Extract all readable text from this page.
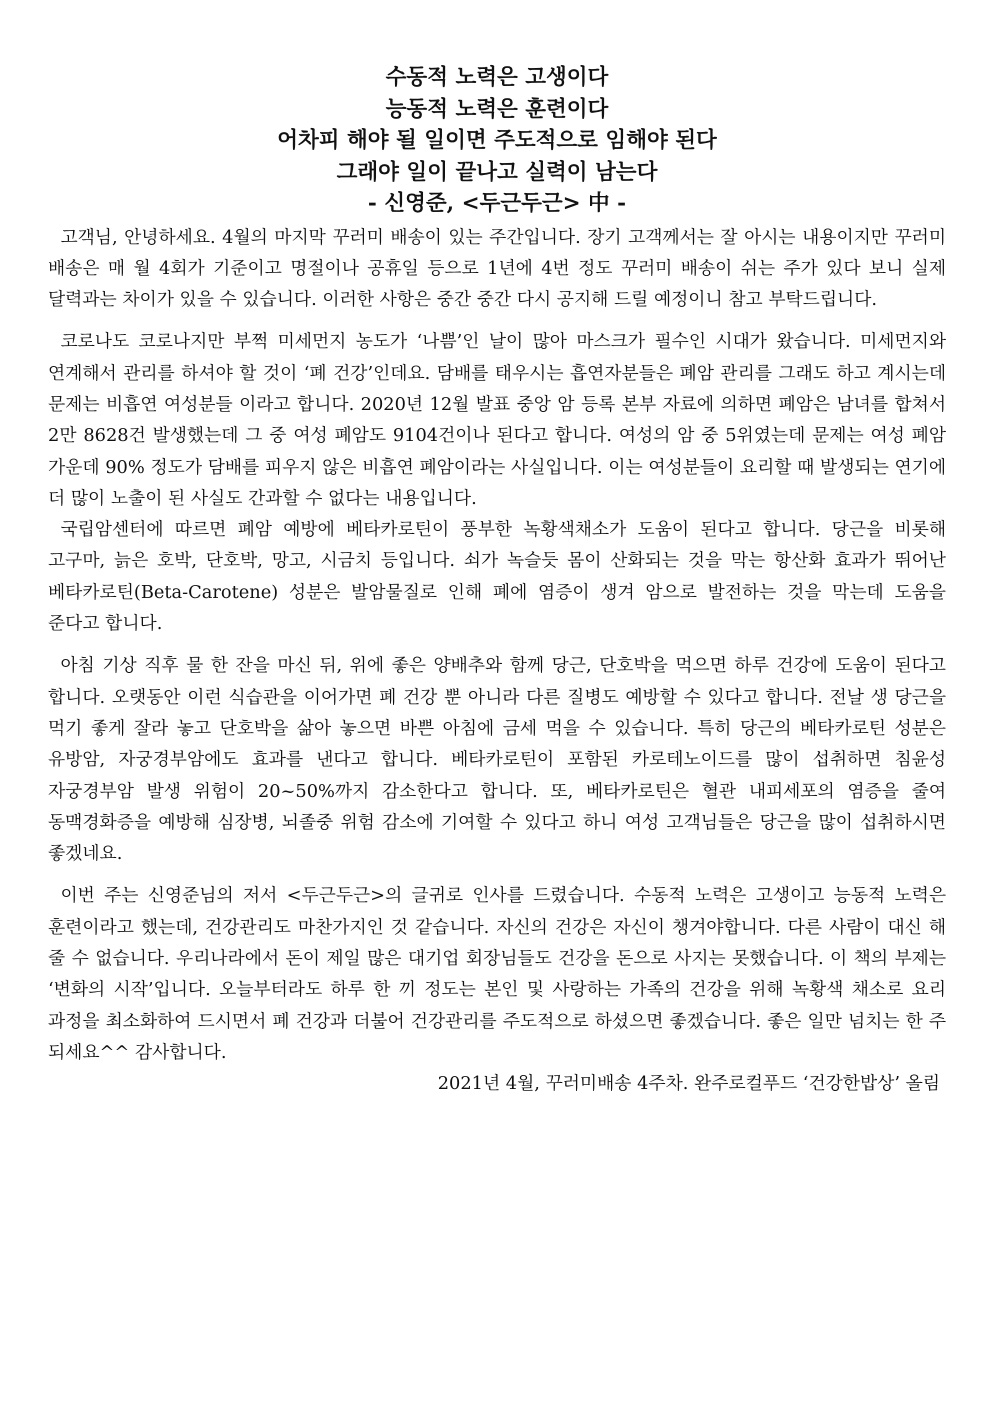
수동적 노력은 고생이다
능동적 노력은 훈련이다
어차피 해야 될 일이면 주도적으로 임해야 된다
그래야 일이 끝나고 실력이 남는다
- 신영준, <두근두근> 中 -

고객님, 안녕하세요. 4월의 마지막 꾸러미 배송이 있는 주간입니다. 장기 고객께서는 잘 아시는 내용이지만 꾸러미 배송은 매 월 4회가 기준이고 명절이나 공휴일 등으로 1년에 4번 정도 꾸러미 배송이 쉬는 주가 있다 보니 실제 달력과는 차이가 있을 수 있습니다. 이러한 사항은 중간 중간 다시 공지해 드릴 예정이니 참고 부탁드립니다.

코로나도 코로나지만 부쩍 미세먼지 농도가 ‘나쁨’인 날이 많아 마스크가 필수인 시대가 왔습니다. 미세먼지와 연계해서 관리를 하셔야 할 것이 ‘폐 건강’인데요. 담배를 태우시는 흡연자분들은 폐암 관리를 그래도 하고 계시는데 문제는 비흡연 여성분들 이라고 합니다. 2020년 12월 발표 중앙 암 등록 본부 자료에 의하면 폐암은 남녀를 합쳐서 2만 8628건 발생했는데 그 중 여성 폐암도 9104건이나 된다고 합니다. 여성의 암 중 5위였는데 문제는 여성 폐암 가운데 90% 정도가 담배를 피우지 않은 비흡연 폐암이라는 사실입니다. 이는 여성분들이 요리할 때 발생되는 연기에 더 많이 노출이 된 사실도 간과할 수 없다는 내용입니다.

국립암센터에 따르면 폐암 예방에 베타카로틴이 풍부한 녹황색채소가 도움이 된다고 합니다. 당근을 비롯해 고구마, 늙은 호박, 단호박, 망고, 시금치 등입니다. 쇠가 녹슬듯 몸이 산화되는 것을 막는 항산화 효과가 뛰어난 베타카로틴(Beta-Carotene) 성분은 발암물질로 인해 폐에 염증이 생겨 암으로 발전하는 것을 막는데 도움을 준다고 합니다.

아침 기상 직후 물 한 잔을 마신 뒤, 위에 좋은 양배추와 함께 당근, 단호박을 먹으면 하루 건강에 도움이 된다고 합니다. 오랫동안 이런 식습관을 이어가면 폐 건강 뿐 아니라 다른 질병도 예방할 수 있다고 합니다. 전날 생 당근을 먹기 좋게 잘라 놓고 단호박을 삶아 놓으면 바쁜 아침에 금세 먹을 수 있습니다. 특히 당근의 베타카로틴 성분은 유방암, 자궁경부암에도 효과를 낸다고 합니다. 베타카로틴이 포함된 카로테노이드를 많이 섭취하면 침윤성 자궁경부암 발생 위험이 20~50%까지 감소한다고 합니다. 또, 베타카로틴은 혈관 내피세포의 염증을 줄여 동맥경화증을 예방해 심장병, 뇌졸중 위험 감소에 기여할 수 있다고 하니 여성 고객님들은 당근을 많이 섭취하시면 좋겠네요.

이번 주는 신영준님의 저서 <두근두근>의 글귀로 인사를 드렸습니다. 수동적 노력은 고생이고 능동적 노력은 훈련이라고 했는데, 건강관리도 마찬가지인 것 같습니다. 자신의 건강은 자신이 챙겨야합니다. 다른 사람이 대신 해 줄 수 없습니다. 우리나라에서 돈이 제일 많은 대기업 회장님들도 건강을 돈으로 사지는 못했습니다. 이 책의 부제는 ‘변화의 시작’입니다. 오늘부터라도 하루 한 끼 정도는 본인 및 사랑하는 가족의 건강을 위해 녹황색 채소로 요리 과정을 최소화하여 드시면서 폐 건강과 더불어 건강관리를 주도적으로 하셨으면 좋겠습니다. 좋은 일만 넘치는 한 주 되세요^^ 감사합니다.

2021년 4월, 꾸러미배송 4주차. 완주로컬푸드 ‘건강한밥상’ 올림
